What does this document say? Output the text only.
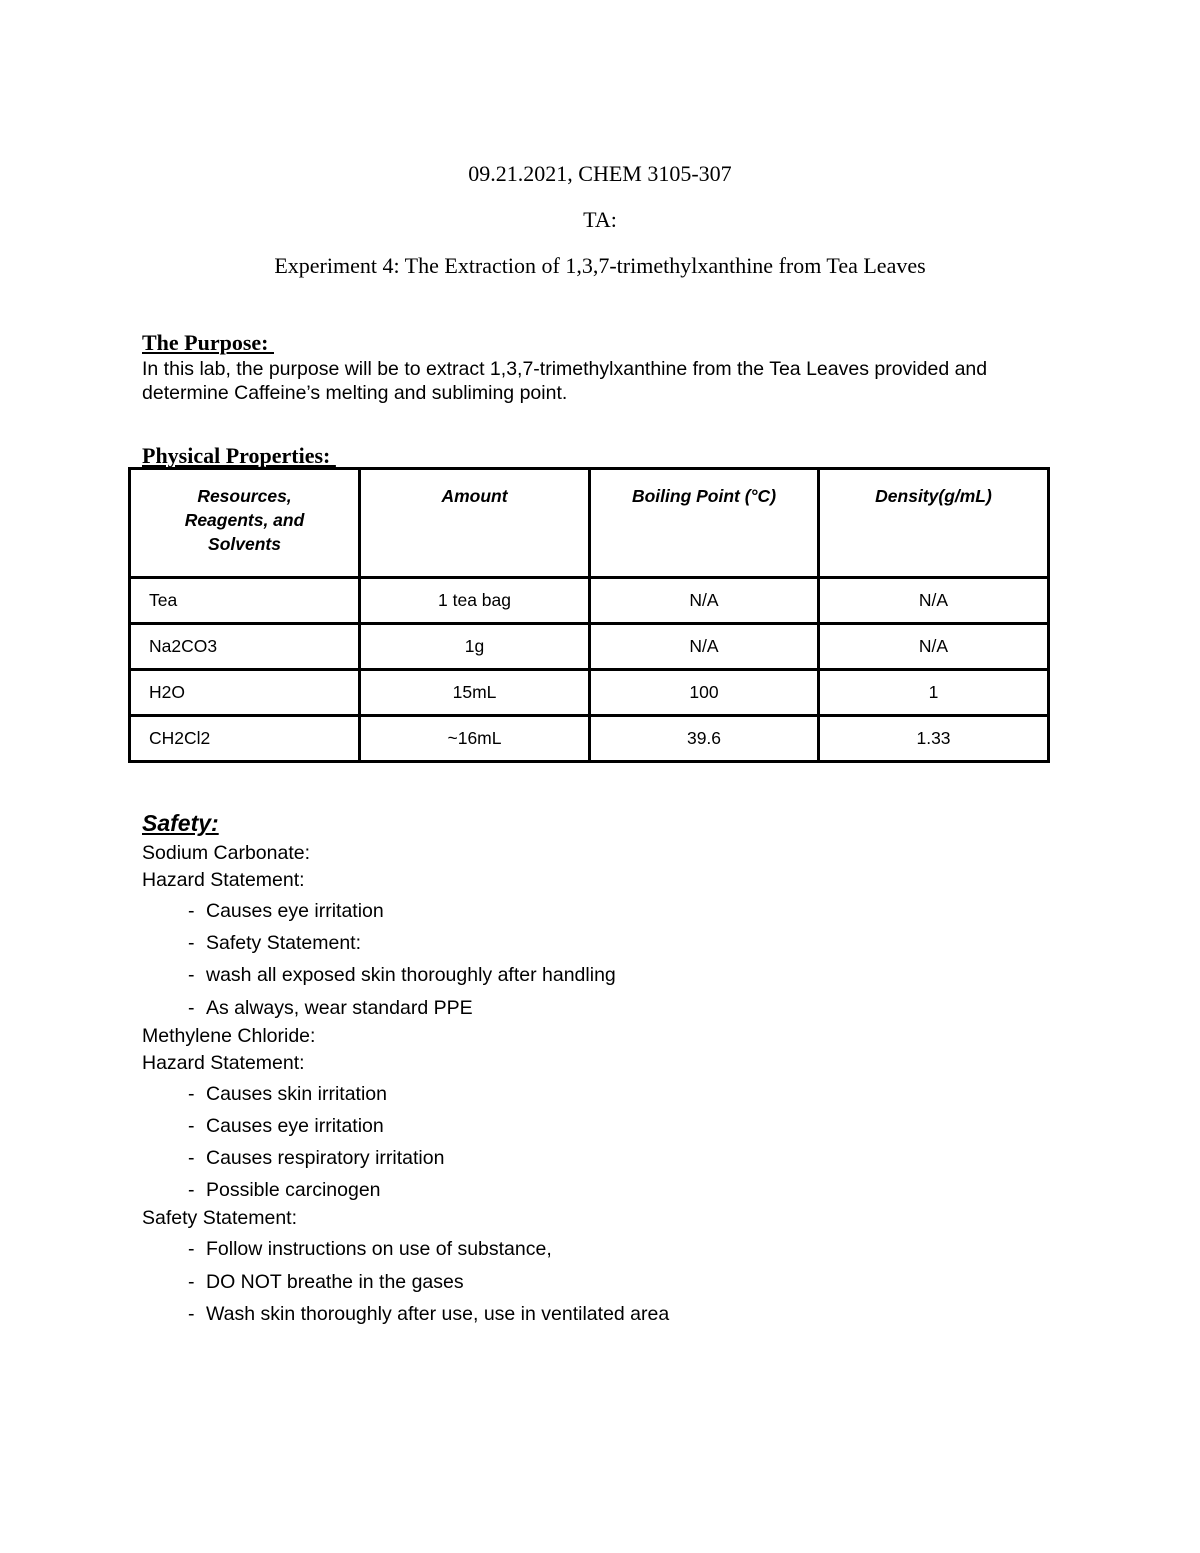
09.21.2021, CHEM 3105-307
TA:
Experiment 4: The Extraction of 1,3,7-trimethylxanthine from Tea Leaves
The Purpose:
In this lab, the purpose will be to extract 1,3,7-trimethylxanthine from the Tea Leaves provided and determine Caffeine’s melting and subliming point.
Physical Properties:
Resources, Reagents, and Solvents	Amount	Boiling Point (°C)	Density(g/mL)
Tea	1 tea bag	N/A	N/A
Na2CO3	1g	N/A	N/A
H2O	15mL	100	1
CH2Cl2	~16mL	39.6	1.33
Safety:
Sodium Carbonate:
Hazard Statement:
- Causes eye irritation
- Safety Statement:
- wash all exposed skin thoroughly after handling
- As always, wear standard PPE
Methylene Chloride:
Hazard Statement:
- Causes skin irritation
- Causes eye irritation
- Causes respiratory irritation
- Possible carcinogen
Safety Statement:
- Follow instructions on use of substance,
- DO NOT breathe in the gases
- Wash skin thoroughly after use, use in ventilated area
